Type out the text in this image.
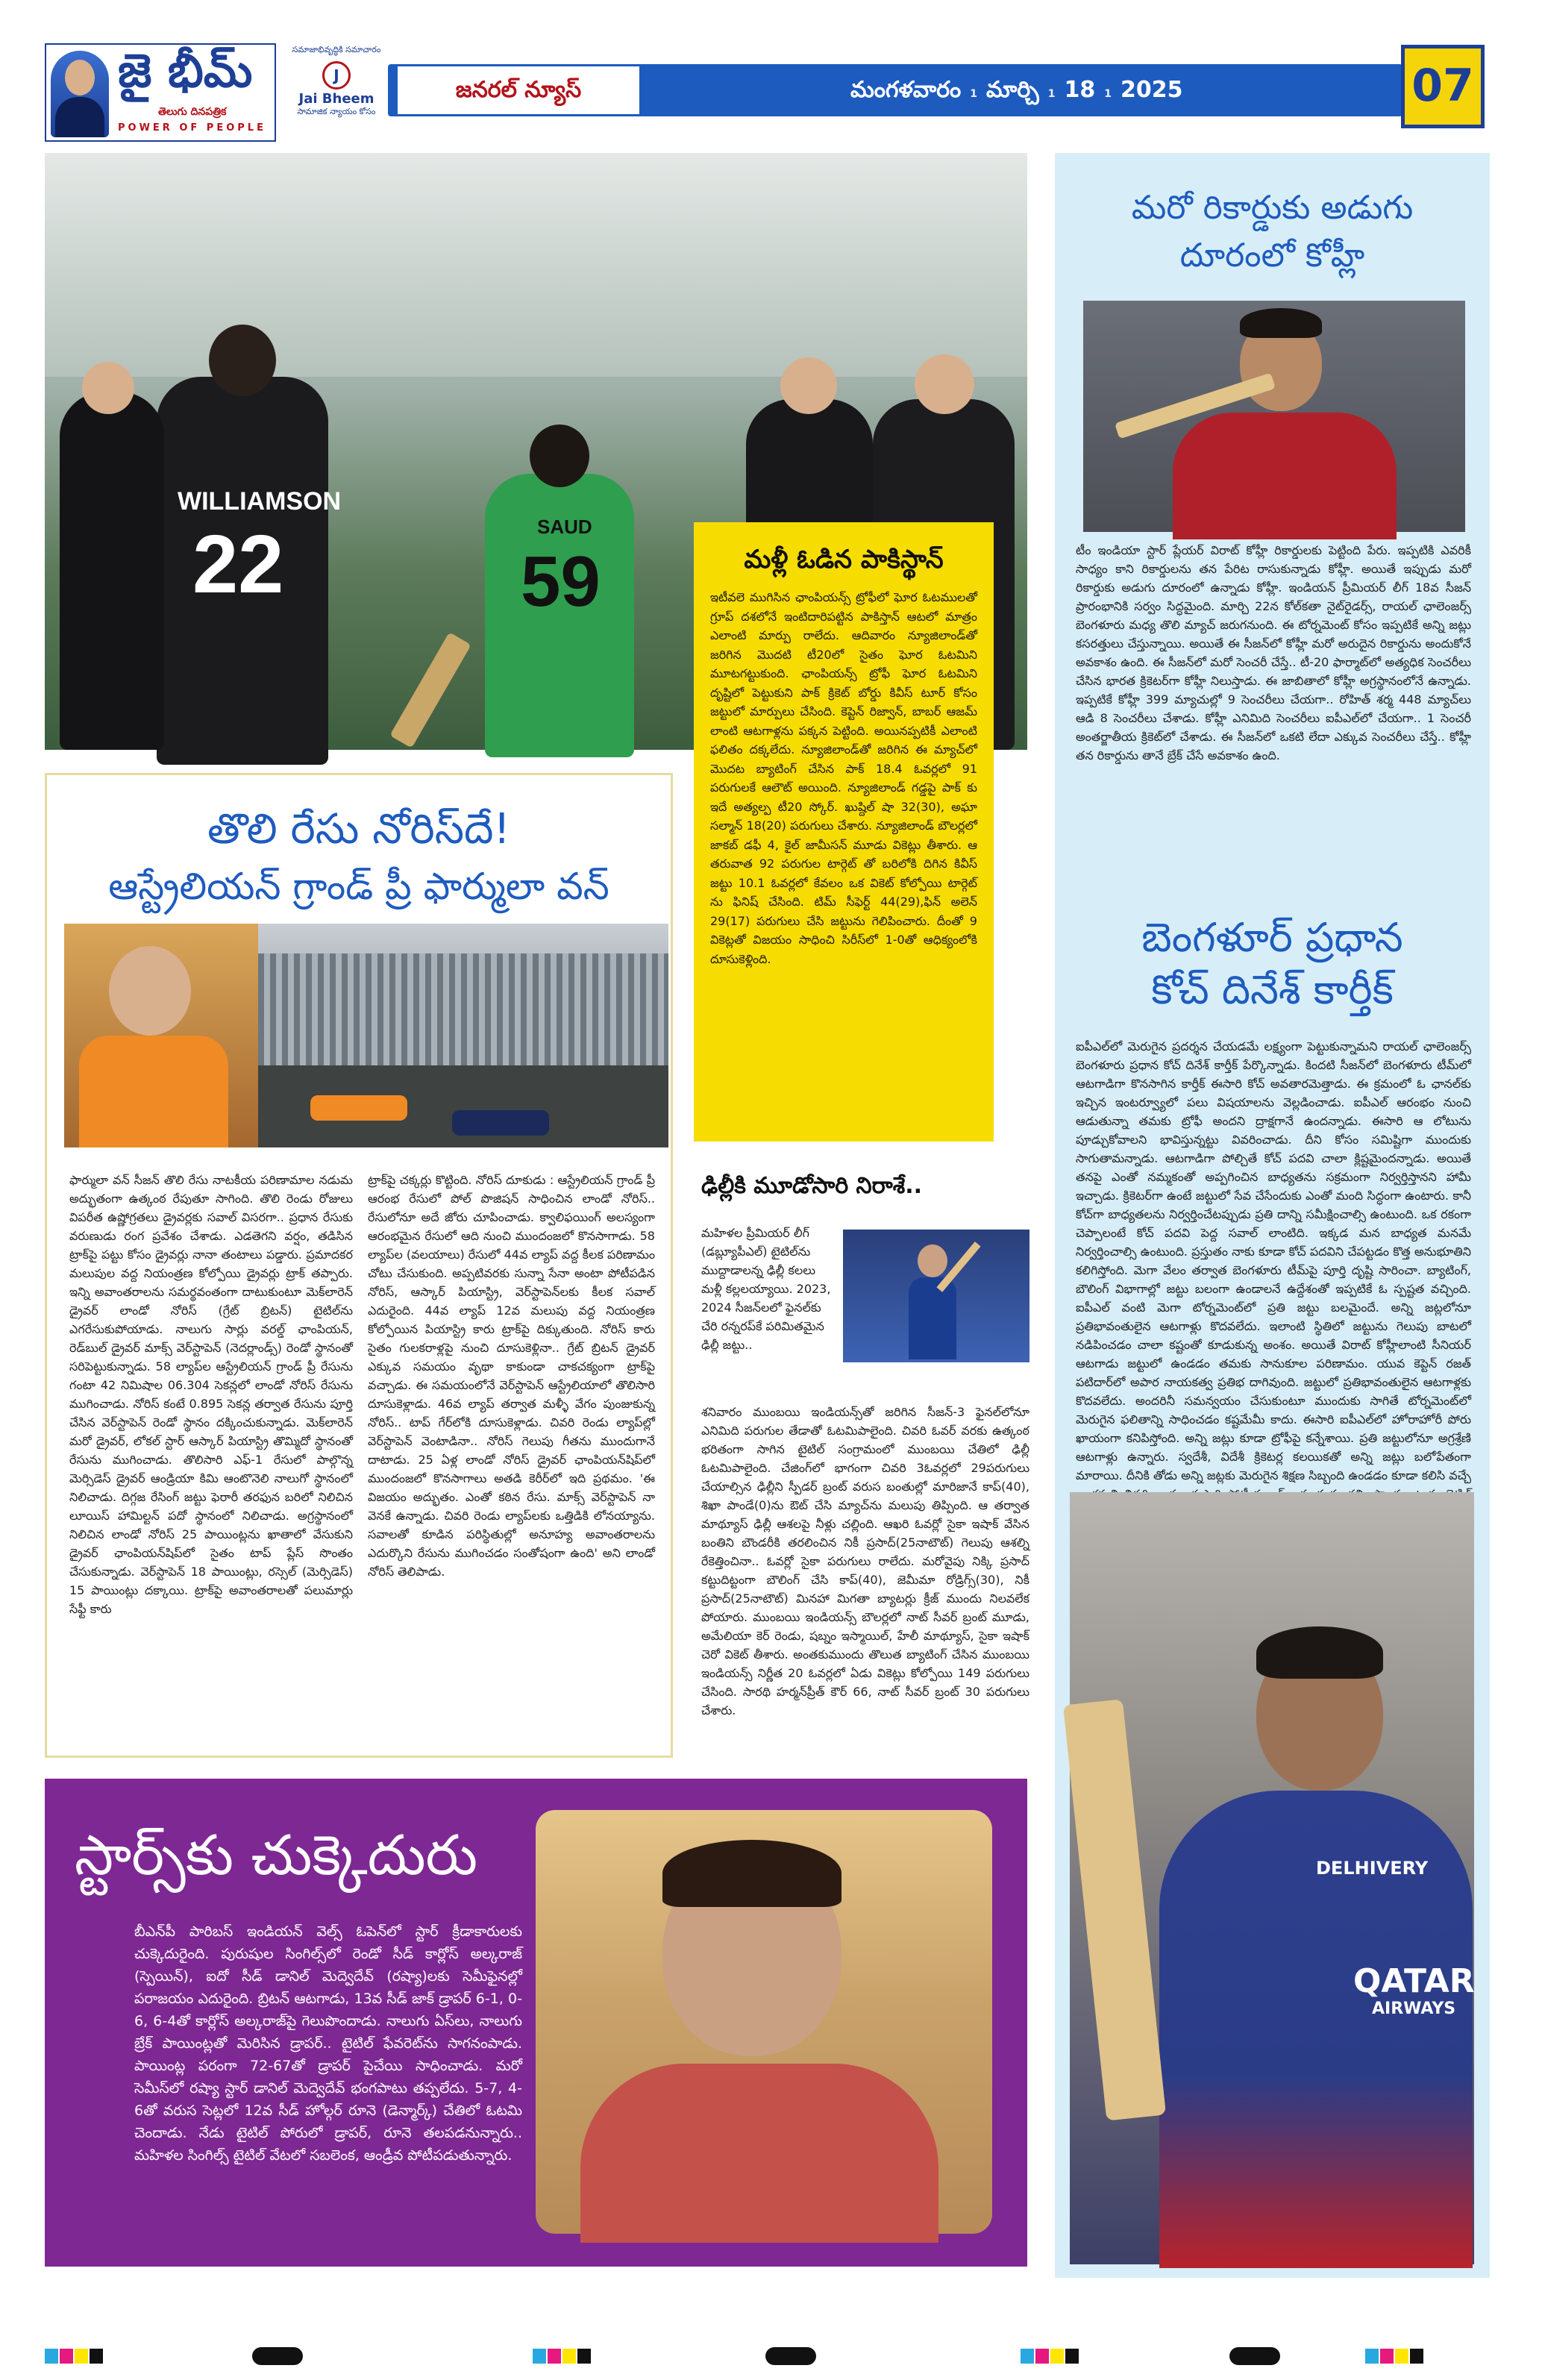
జై భీమ్
తెలుగు దినపత్రిక
POWER OF PEOPLE
సమాజాభివృద్ధికి సమాచారం
J
Jai Bheem
సామాజిక న్యాయం కోసం
జనరల్ న్యూస్	మంగళవారం 1 మార్చి 1 18 1 2025	07
WILLIAMSON
22	SAUD
59	మళ్లీ ఓడిన పాకిస్థాన్
ఇటీవలె ముగిసిన ఛాంపియన్స్ ట్రోఫీలో ఘోర ఓటములతో గ్రూప్ దశలోనే ఇంటిదారిపట్టిన పాకిస్తాన్ ఆటలో మాత్రం ఎలాంటి మార్పు రాలేదు. ఆదివారం న్యూజిలాండ్‌తో జరిగిన మొదటి టీ20లో సైతం ఘోర ఓటమిని మూటగట్టుకుంది. ఛాంపియన్స్ ట్రోఫీ ఘోర ఓటమిని దృష్టిలో పెట్టుకుని పాక్ క్రికెట్ బోర్డు కివీస్ టూర్ కోసం జట్టులో మార్పులు చేసింది. కెప్టెన్ రిజ్వాన్, బాబర్ ఆజమ్ లాంటి ఆటగాళ్లను పక్కన పెట్టింది. అయినప్పటికీ ఎలాంటి ఫలితం దక్కలేదు. న్యూజిలాండ్‌తో జరిగిన ఈ మ్యాచ్‌లో మొదట బ్యాటింగ్ చేసిన పాక్ 18.4 ఓవర్లలో 91 పరుగులకే ఆలౌట్ అయింది. న్యూజిలాండ్ గడ్డపై పాక్ కు ఇదే అత్యల్ప టీ20 స్కోర్. ఖుష్దిల్ షా 32(30), అఘా సల్మాన్ 18(20) పరుగులు చేశారు. న్యూజిలాండ్ బౌలర్లలో జాకబ్ డఫీ 4, కైల్ జామీసన్ మూడు వికెట్లు తీశారు. ఆ తరువాత 92 పరుగుల టార్గెట్ తో బరిలోకి దిగిన కివీస్ జట్టు 10.1 ఓవర్లలో కేవలం ఒక వికెట్ కోల్పోయి టార్గెట్ ను ఫినిష్ చేసింది. టిమ్ సీఫెర్ట్ 44(29),ఫిన్ అలెన్ 29(17) పరుగులు చేసి జట్టును గెలిపించారు. దీంతో 9 వికెట్లతో విజయం సాధించి సిరీస్‌లో 1-0తో ఆధిక్యంలోకి దూసుకెళ్లింది.
తొలి రేసు నోరిస్‌దే!
ఆస్ట్రేలియన్ గ్రాండ్ ప్రీ ఫార్ములా వన్
ఫార్ములా వన్ సీజన్ తొలి రేసు నాటకీయ పరిణామాల నడుమ అద్భుతంగా ఉత్కంఠ రేపుతూ సాగింది. తొలి రెండు రోజులు విపరీత ఉష్ణోగ్రతలు డ్రైవర్లకు సవాల్ విసరగా.. ప్రధాన రేసుకు వరుణుడు రంగ ప్రవేశం చేశాడు. ఎడతెగని వర్షం, తడిసిన ట్రాక్‌పై పట్టు కోసం డ్రైవర్లు నానా తంటాలు పడ్డారు. ప్రమాదకర మలుపుల వద్ద నియంత్రణ కోల్పోయి డ్రైవర్లు ట్రాక్ తప్పారు. ఇన్ని అవాంతరాలను సమర్థవంతంగా దాటుకుంటూ మెక్‌లారెన్ డ్రైవర్ లాండో నోరిస్ (గ్రేట్ బ్రిటన్) టైటిల్‌ను ఎగరేసుకుపోయాడు. నాలుగు సార్లు వరల్డ్ ఛాంపియన్, రెడ్‌బుల్ డ్రైవర్ మాక్స్ వెర్‌స్టాపెన్ (నెదర్లాండ్స్) రెండో స్థానంతో సరిపెట్టుకున్నాడు. 58 ల్యాప్‌ల ఆస్ట్రేలియన్ గ్రాండ్ ప్రీ రేసును గంటా 42 నిమిషాల 06.304 సెకన్లలో లాండో నోరిస్ రేసును ముగించాడు. నోరిస్ కంటే 0.895 సెకన్ల తర్వాత రేసును పూర్తి చేసిన వెర్‌స్టాపెన్ రెండో స్థానం దక్కించుకున్నాడు. మెక్‌లారెన్ మరో డ్రైవర్, లోకల్ స్టార్ ఆస్కార్ పియాస్ట్రి తొమ్మిదో స్థానంతో రేసును ముగించాడు. తొలిసారి ఎఫ్-1 రేసులో పాల్గొన్న మెర్సిడెస్ డ్రైవర్ ఆండ్రియా కిమి ఆంటొనెలి నాలుగో స్థానంలో నిలిచాడు. దిగ్గజ రేసింగ్ జట్టు ఫెరారీ తరఫున బరిలో నిలిచిన లూయిస్ హామిల్టన్ పదో స్థానంలో నిలిచాడు. అగ్రస్థానంలో నిలిచిన లాండో నోరిస్ 25 పాయింట్లను ఖాతాలో వేసుకుని డ్రైవర్ ఛాంపియన్‌షిప్‌లో సైతం టాప్ ప్లేస్ సొంతం చేసుకున్నాడు. వెర్‌స్టాపెన్ 18 పాయింట్లు, రస్సెల్ (మెర్సిడెస్) 15 పాయింట్లు దక్కాయి. ట్రాక్‌పై అవాంతరాలతో పలుమార్లు సేఫ్టీ కారు
ట్రాక్‌పై చక్కర్లు కొట్టింది. నోరిస్ దూకుడు : ఆస్ట్రేలియన్ గ్రాండ్ ప్రీ ఆరంభ రేసులో పోల్ పొజిషన్ సాధించిన లాండో నోరిస్.. రేసులోనూ అదే జోరు చూపించాడు. క్వాలిఫయింగ్ అలస్యంగా ఆరంభమైన రేసులో ఆది నుంచి ముందంజలో కొనసాగాడు. 58 ల్యాప్‌ల (వలయాలు) రేసులో 44వ ల్యాప్ వద్ద కీలక పరిణామం చోటు చేసుకుంది. అప్పటివరకు సున్నా సేనా అంటా పోటీపడిన నోరిస్, ఆస్కార్ పియాస్ట్రి, వెర్‌స్టాపెన్‌లకు కీలక సవాల్ ఎదురైంది. 44వ ల్యాప్ 12వ మలుపు వద్ద నియంత్రణ కోల్పోయిన పియాస్ట్రి కారు ట్రాక్‌పై దిక్కుతుంది. నోరిస్ కారు సైతం గులకరాళ్లపై నుంచి దూసుకెళ్లినా.. గ్రేట్ బ్రిటన్ డ్రైవర్ ఎక్కువ సమయం వృథా కాకుండా చాకచక్యంగా ట్రాక్‌పై వచ్చాడు. ఈ సమయంలోనే వెర్‌స్టాపెన్ ఆస్ట్రేలియాలో తొలిసారి దూసుకెళ్లాడు. 46వ ల్యాప్ తర్వాత మళ్ళీ వేగం పుంజుకున్న నోరిస్.. టాప్ గేర్‌లోకి దూసుకెళ్లాడు. చివరి రెండు ల్యాప్‌ల్లో వెర్‌స్టాపెన్ వెంటాడినా.. నోరిస్ గెలుపు గీతను ముందుగానే దాటాడు. 25 ఏళ్ల లాండో నోరిస్ డ్రైవర్ ఛాంపియన్‌షిప్‌లో ముందంజలో కొనసాగాలు అతడి కెరీర్‌లో ఇది ప్రథమం. 'ఈ విజయం అద్భుతం. ఎంతో కఠిన రేసు. మాక్స్ వెర్‌స్టాపెన్ నా వెనకే ఉన్నాడు. చివరి రెండు ల్యాప్‌లకు ఒత్తిడికి లోనయ్యాను. సవాలతో కూడిన పరిస్థితుల్లో అనూహ్య అవాంతరాలను ఎదుర్కొని రేసును ముగించడం సంతోషంగా ఉంది' అని లాండో నోరిస్ తెలిపాడు.
ఢిల్లీకి మూడోసారి నిరాశే..
మహిళల ప్రీమియర్ లీగ్ (డబ్ల్యూపీఎల్) టైటిల్‌ను ముద్దాడాలన్న ఢిల్లీ కలలు మళ్లీ కల్లలయ్యాయి. 2023, 2024 సీజన్‌లలో ఫైనల్‌కు చేరి రన్నరప్‌కే పరిమితమైన ఢిల్లీ జట్టు..
శనివారం ముంబయి ఇండియన్స్‌తో జరిగిన సీజన్-3 ఫైనల్‌లోనూ ఎనిమిది పరుగుల తేడాతో ఓటమిపాలైంది. చివరి ఓవర్ వరకు ఉత్కంఠ భరితంగా సాగిన టైటిల్ సంగ్రామంలో ముంబయి చేతిలో ఢిల్లీ ఓటమిపాలైంది. చేజింగ్‌లో భాగంగా చివరి 3ఓవర్లలో 29పరుగులు చేయాల్సిన ఢిల్లీని స్పీడర్ బ్రంట్ వరుస బంతుల్లో మారిజానే కాప్(40), శిఖా పాండే(0)ను ఔట్ చేసి మ్యాచ్‌ను మలుపు తిప్పింది. ఆ తర్వాత మాథ్యూస్ ఢిల్లీ ఆశలపై నీళ్లు చల్లింది. ఆఖరి ఓవర్లో సైకా ఇషాక్ వేసిన బంతిని బౌండరీకి తరలించిన నికీ ప్రసాద్(25నాటౌట్) గెలుపు ఆశల్ని రేకెత్తించినా.. ఓవర్లో సైకా పరుగులు రాలేదు. మరోవైపు నిక్కి ప్రసాద్ కట్టుదిట్టంగా బౌలింగ్ చేసి కాప్(40), జెమీమా రోడ్రిగ్స్(30), నికీ ప్రసాద్(25నాటౌట్) మినహా మిగతా బ్యాటర్లు క్రీజ్ ముందు నిలవలేక పోయారు. ముంబయి ఇండియన్స్ బౌలర్లలో నాట్ సీవర్ బ్రంట్ మూడు, అమేలియా కెర్ రెండు, షబ్నం ఇస్మాయిల్, హేలీ మాథ్యూస్, సైకా ఇషాక్ చెరో వికెట్ తీశారు. అంతకుముందు తొలుత బ్యాటింగ్ చేసిన ముంబయి ఇండియన్స్ నిర్ణీత 20 ఓవర్లలో ఏడు వికెట్లు కోల్పోయి 149 పరుగులు చేసింది. సారథి హర్మన్‌ప్రీత్ కౌర్ 66, నాట్ సీవర్ బ్రంట్ 30 పరుగులు చేశారు.
స్టార్స్‌కు చుక్కెదురు
బీఎన్‌పీ పారిబస్ ఇండియన్ వెల్స్ ఓపెన్‌లో స్టార్ క్రీడాకారులకు చుక్కెదురైంది. పురుషుల సింగిల్స్‌లో రెండో సీడ్ కార్లోస్ అల్కరాజ్ (స్పెయిన్), ఐదో సీడ్ డానిల్ మెద్వెదేవ్ (రష్యా)లకు సెమీఫైనల్లో పరాజయం ఎదురైంది. బ్రిటన్ ఆటగాడు, 13వ సీడ్ జాక్ డ్రాపర్ 6-1, 0-6, 6-4తో కార్లోస్ అల్కరాజ్‌పై గెలుపొందాడు. నాలుగు ఏస్‌లు, నాలుగు బ్రేక్ పాయింట్లతో మెరిసిన డ్రాపర్.. టైటిల్ ఫేవరెట్‌ను సాగనంపాడు. పాయింట్ల పరంగా 72-67తో డ్రాపర్ పైచేయి సాధించాడు. మరో సెమీస్‌లో రష్యా స్టార్ డానిల్ మెద్వెదేవ్ భంగపాటు తప్పలేదు. 5-7, 4-6తో వరుస సెట్లలో 12వ సీడ్ హోల్గర్ రూనె (డెన్మార్క్) చేతిలో ఓటమి చెందాడు. నేడు టైటిల్ పోరులో డ్రాపర్, రూనె తలపడనున్నారు.. మహిళల సింగిల్స్ టైటిల్ వేటలో సబలెంక, ఆండ్రీవ పోటీపడుతున్నారు.
మరో రికార్డుకు అడుగు
దూరంలో కోహ్లీ
టీం ఇండియా స్టార్ ప్లేయర్ విరాట్ కోహ్లీ రికార్డులకు పెట్టింది పేరు. ఇప్పటికి ఎవరికీ సాధ్యం కాని రికార్డులను తన పేరిట రాసుకున్నాడు కోహ్లీ. అయితే ఇప్పుడు మరో రికార్డుకు అడుగు దూరంలో ఉన్నాడు కోహ్లీ. ఇండియన్ ప్రీమియర్ లీగ్ 18వ సీజన్ ప్రారంభానికి సర్వం సిద్ధమైంది. మార్చి 22న కోల్‌కతా నైట్‌రైడర్స్, రాయల్ ఛాలెంజర్స్ బెంగళూరు మధ్య తొలి మ్యాచ్ జరుగనుంది. ఈ టోర్నమెంట్ కోసం ఇప్పటికే అన్ని జట్లు కసరత్తులు చేస్తున్నాయి. అయితే ఈ సీజన్‌లో కోహ్లీ మరో అరుదైన రికార్డును అందుకోనే అవకాశం ఉంది. ఈ సీజన్‌లో మరో సెంచరీ చేస్తే.. టీ-20 ఫార్మాట్‌లో అత్యధిక సెంచరీలు చేసిన భారత క్రికెటర్‌గా కోహ్లీ నిలుస్తాడు. ఈ జాబితాలో కోహ్లీ అగ్రస్థానంలోనే ఉన్నాడు. ఇప్పటికే కోహ్లీ 399 మ్యాచుల్లో 9 సెంచరీలు చేయగా.. రోహిత్ శర్మ 448 మ్యాచ్‌లు ఆడి 8 సెంచరీలు చేశాడు. కోహ్లీ ఎనిమిది సెంచరీలు ఐపీఎల్‌లో చేయగా.. 1 సెంచరీ అంతర్జాతీయ క్రికెట్‌లో చేశాడు. ఈ సీజన్‌లో ఒకటి లేదా ఎక్కువ సెంచరీలు చేస్తే.. కోహ్లీ తన రికార్డును తానే బ్రేక్ చేసే అవకాశం ఉంది.
బెంగళూర్ ప్రధాన
కోచ్ దినేశ్ కార్తీక్
ఐపీఎల్‌లో మెరుగైన ప్రదర్శన చేయడమే లక్ష్యంగా పెట్టుకున్నామని రాయల్ ఛాలెంజర్స్ బెంగళూరు ప్రధాన కోచ్ దినేశ్ కార్తీక్ పేర్కొన్నాడు. కిందటి సీజన్‌లో బెంగళూరు టీమ్‌లో ఆటగాడిగా కొనసాగిన కార్తీక్ ఈసారి కోచ్ అవతారమెత్తాడు. ఈ క్రమంలో ఓ ఛానల్‌కు ఇచ్చిన ఇంటర్వ్యూలో పలు విషయాలను వెల్లడించాడు. ఐపీఎల్ ఆరంభం నుంచి ఆడుతున్నా తమకు ట్రోఫీ అందని ద్రాక్షగానే ఉందన్నాడు. ఈసారి ఆ లోటును పూడ్చుకోవాలని భావిస్తున్నట్టు వివరించాడు. దీని కోసం సమిష్టిగా ముందుకు సాగుతామన్నాడు. ఆటగాడిగా పోల్చితే కోచ్ పదవి చాలా క్లిష్టమైందన్నాడు. అయితే తనపై ఎంతో నమ్మకంతో అప్పగించిన బాధ్యతను సక్రమంగా నిర్వర్తిస్తానని హామీ ఇచ్చాడు. క్రికెటర్‌గా ఉంటే జట్టులో సేవ చేసేందుకు ఎంతో మంది సిద్ధంగా ఉంటారు. కానీ కోచ్‌గా బాధ్యతలను నిర్వర్తించేటప్పుడు ప్రతి దాన్ని సమీక్షించాల్సి ఉంటుంది. ఒక రకంగా చెప్పాలంటే కోచ్ పదవి పెద్ద సవాల్ లాంటిది. ఇక్కడ మన బాధ్యత మనమే నిర్వర్తించాల్సి ఉంటుంది. ప్రస్తుతం నాకు కూడా కోచ్ పదవిని చేపట్టడం కొత్త అనుభూతిని కలిగిస్తోంది. మెగా వేలం తర్వాత బెంగళూరు టీమ్‌పై పూర్తి దృష్టి సారించా. బ్యాటింగ్, బౌలింగ్ విభాగాల్లో జట్టు బలంగా ఉండాలనే ఉద్దేశంతో ఇప్పటికే ఓ స్పష్టత వచ్చింది. ఐపీఎల్ వంటి మెగా టోర్నమెంట్‌లో ప్రతి జట్టు బలమైందే. అన్ని జట్లలోనూ ప్రతిభావంతులైన ఆటగాళ్లు కొదవలేదు. ఇలాంటి స్థితిలో జట్టును గెలుపు బాటలో నడిపించడం చాలా కష్టంతో కూడుకున్న అంశం. అయితే విరాట్ కోహ్లీలాంటి సీనియర్ ఆటగాడు జట్టులో ఉండడం తమకు సానుకూల పరిణామం. యువ కెప్టెన్ రజత్ పటిదార్‌లో అపార నాయకత్వ ప్రతిభ దాగివుంది. జట్టులో ప్రతిభావంతులైన ఆటగాళ్లకు కొదవలేదు. అందరినీ సమన్వయం చేసుకుంటూ ముందుకు సాగితే టోర్నమెంట్‌లో మెరుగైన ఫలితాన్ని సాధించడం కష్టమేమీ కాదు. ఈసారి ఐపీఎల్‌లో హోరాహోరీ పోరు ఖాయంగా కనిపిస్తోంది. అన్ని జట్లు కూడా ట్రోఫీపై కన్నేశాయి. ప్రతి జట్టులోనూ అగ్రశ్రేణి ఆటగాళ్లు ఉన్నారు. స్వదేశీ, విదేశీ క్రికెటర్ల కలయికతో అన్ని జట్లు బలోపేతంగా మారాయి. దీనికి తోడు అన్ని జట్లకు మెరుగైన శిక్షణ సిబ్బంది ఉండడం కూడా కలిసి వచ్చే
DELHIVERY
QATAR
AIRWAYS
